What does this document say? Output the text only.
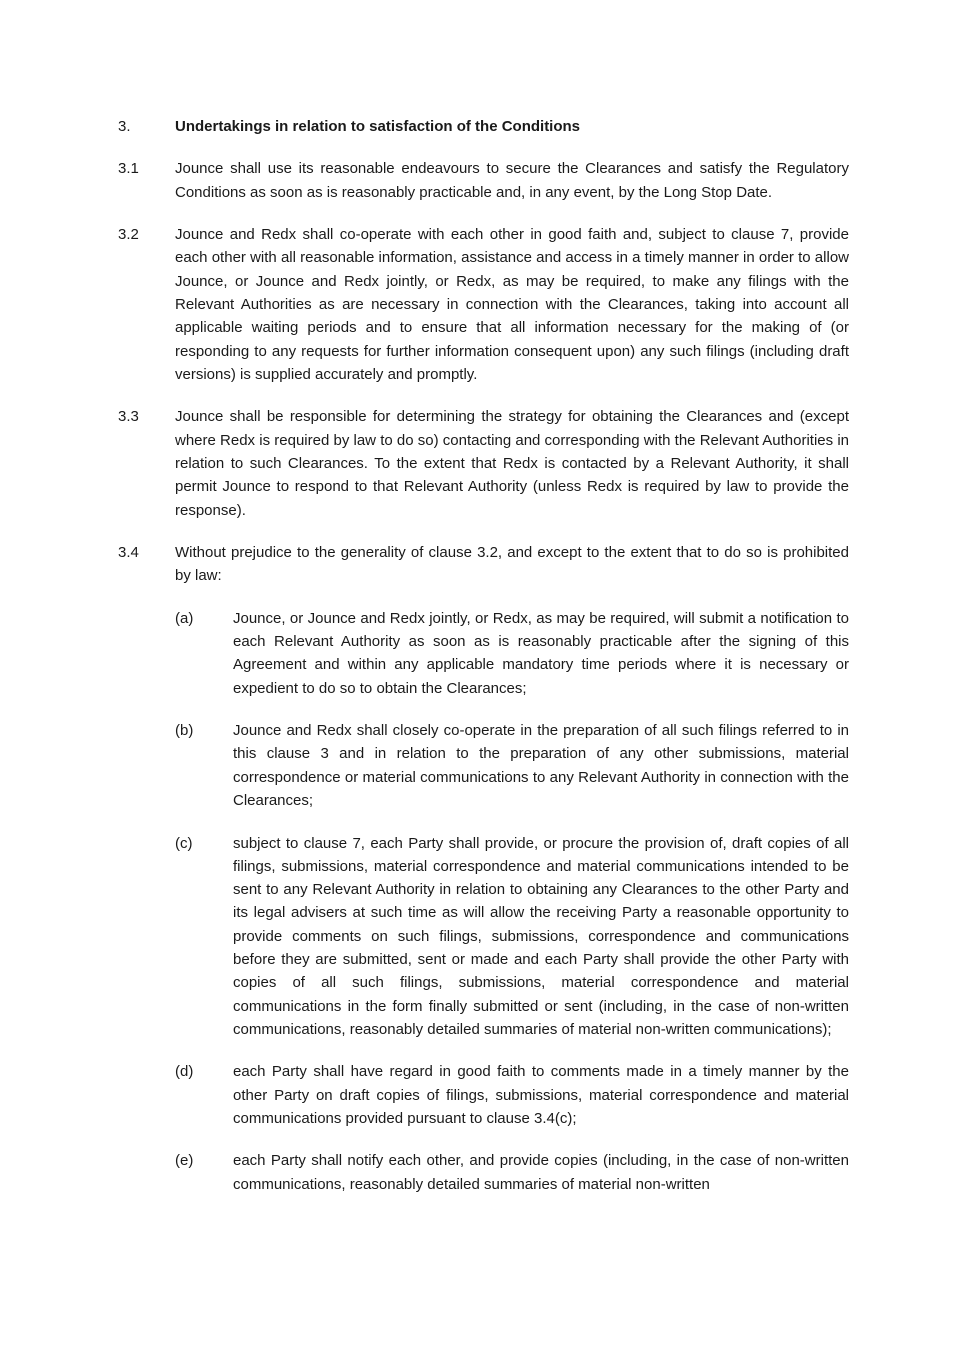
3.	Undertakings in relation to satisfaction of the Conditions
3.1	Jounce shall use its reasonable endeavours to secure the Clearances and satisfy the Regulatory Conditions as soon as is reasonably practicable and, in any event, by the Long Stop Date.
3.2	Jounce and Redx shall co-operate with each other in good faith and, subject to clause 7, provide each other with all reasonable information, assistance and access in a timely manner in order to allow Jounce, or Jounce and Redx jointly, or Redx, as may be required, to make any filings with the Relevant Authorities as are necessary in connection with the Clearances, taking into account all applicable waiting periods and to ensure that all information necessary for the making of (or responding to any requests for further information consequent upon) any such filings (including draft versions) is supplied accurately and promptly.
3.3	Jounce shall be responsible for determining the strategy for obtaining the Clearances and (except where Redx is required by law to do so) contacting and corresponding with the Relevant Authorities in relation to such Clearances. To the extent that Redx is contacted by a Relevant Authority, it shall permit Jounce to respond to that Relevant Authority (unless Redx is required by law to provide the response).
3.4	Without prejudice to the generality of clause 3.2, and except to the extent that to do so is prohibited by law:
(a)	Jounce, or Jounce and Redx jointly, or Redx, as may be required, will submit a notification to each Relevant Authority as soon as is reasonably practicable after the signing of this Agreement and within any applicable mandatory time periods where it is necessary or expedient to do so to obtain the Clearances;
(b)	Jounce and Redx shall closely co-operate in the preparation of all such filings referred to in this clause 3 and in relation to the preparation of any other submissions, material correspondence or material communications to any Relevant Authority in connection with the Clearances;
(c)	subject to clause 7, each Party shall provide, or procure the provision of, draft copies of all filings, submissions, material correspondence and material communications intended to be sent to any Relevant Authority in relation to obtaining any Clearances to the other Party and its legal advisers at such time as will allow the receiving Party a reasonable opportunity to provide comments on such filings, submissions, correspondence and communications before they are submitted, sent or made and each Party shall provide the other Party with copies of all such filings, submissions, material correspondence and material communications in the form finally submitted or sent (including, in the case of non-written communications, reasonably detailed summaries of material non-written communications);
(d)	each Party shall have regard in good faith to comments made in a timely manner by the other Party on draft copies of filings, submissions, material correspondence and material communications provided pursuant to clause 3.4(c);
(e)	each Party shall notify each other, and provide copies (including, in the case of non-written communications, reasonably detailed summaries of material non-written
